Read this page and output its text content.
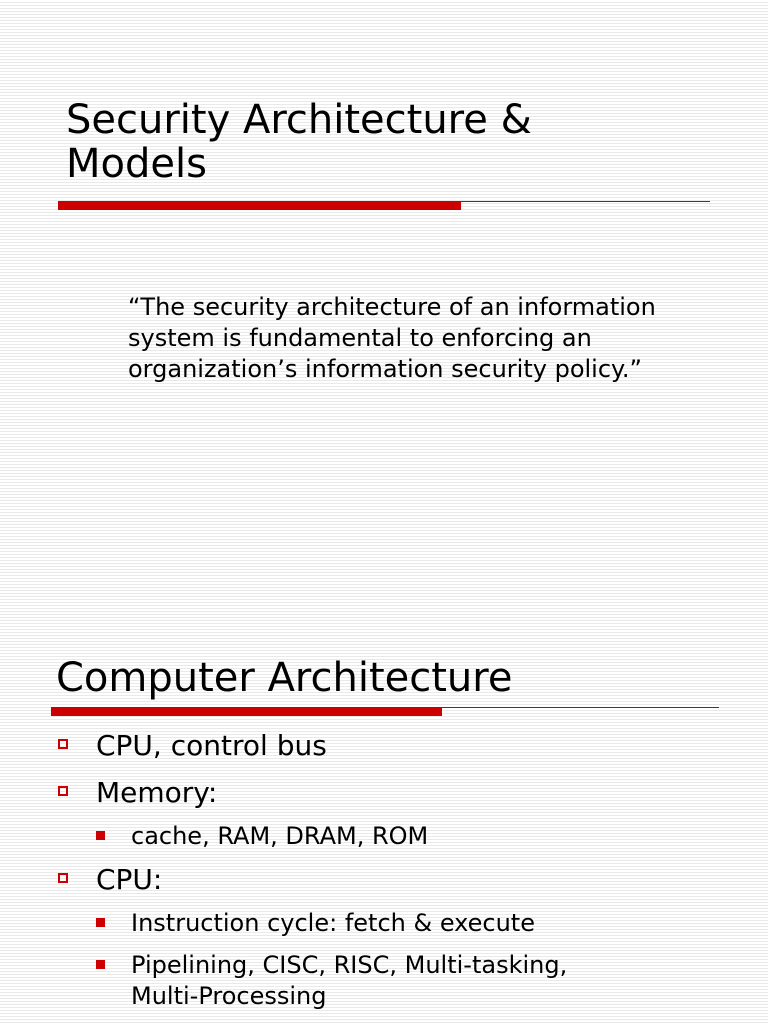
Security Architecture &
Models

“The security architecture of an information
system is fundamental to enforcing an
organization’s information security policy.”

Computer Architecture
CPU, control bus
Memory:
cache, RAM, DRAM, ROM
CPU:
Instruction cycle: fetch & execute
Pipelining, CISC, RISC, Multi-tasking,
Multi-Processing
